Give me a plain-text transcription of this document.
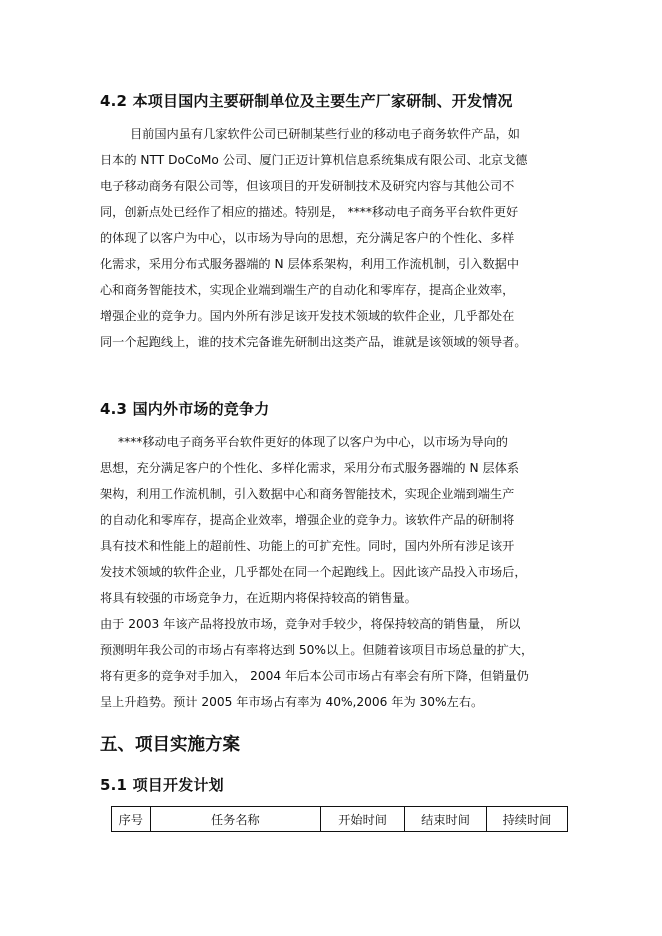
4.2 本项目国内主要研制单位及主要生产厂家研制、开发情况
目前国内虽有几家软件公司已研制某些行业的移动电子商务软件产品，如
日本的 NTT DoCoMo 公司、厦门正迈计算机信息系统集成有限公司、北京戈德
电子移动商务有限公司等，但该项目的开发研制技术及研究内容与其他公司不
同，创新点处已经作了相应的描述。特别是， ****移动电子商务平台软件更好
的体现了以客户为中心，以市场为导向的思想，充分满足客户的个性化、多样
化需求，采用分布式服务器端的 N 层体系架构，利用工作流机制，引入数据中
心和商务智能技术，实现企业端到端生产的自动化和零库存，提高企业效率，
增强企业的竞争力。国内外所有涉足该开发技术领域的软件企业，几乎都处在
同一个起跑线上，谁的技术完备谁先研制出这类产品，谁就是该领域的领导者。
4.3 国内外市场的竞争力
****移动电子商务平台软件更好的体现了以客户为中心，以市场为导向的
思想，充分满足客户的个性化、多样化需求，采用分布式服务器端的 N 层体系
架构，利用工作流机制，引入数据中心和商务智能技术，实现企业端到端生产
的自动化和零库存，提高企业效率，增强企业的竞争力。该软件产品的研制将
具有技术和性能上的超前性、功能上的可扩充性。同时，国内外所有涉足该开
发技术领域的软件企业，几乎都处在同一个起跑线上。因此该产品投入市场后，
将具有较强的市场竞争力，在近期内将保持较高的销售量。
由于 2003 年该产品将投放市场，竞争对手较少，将保持较高的销售量， 所以
预测明年我公司的市场占有率将达到 50%以上。但随着该项目市场总量的扩大，
将有更多的竞争对手加入， 2004 年后本公司市场占有率会有所下降，但销量仍
呈上升趋势。预计 2005 年市场占有率为 40%,2006 年为 30%左右。
五、项目实施方案
5.1 项目开发计划
序号	任务名称	开始时间	结束时间	持续时间
